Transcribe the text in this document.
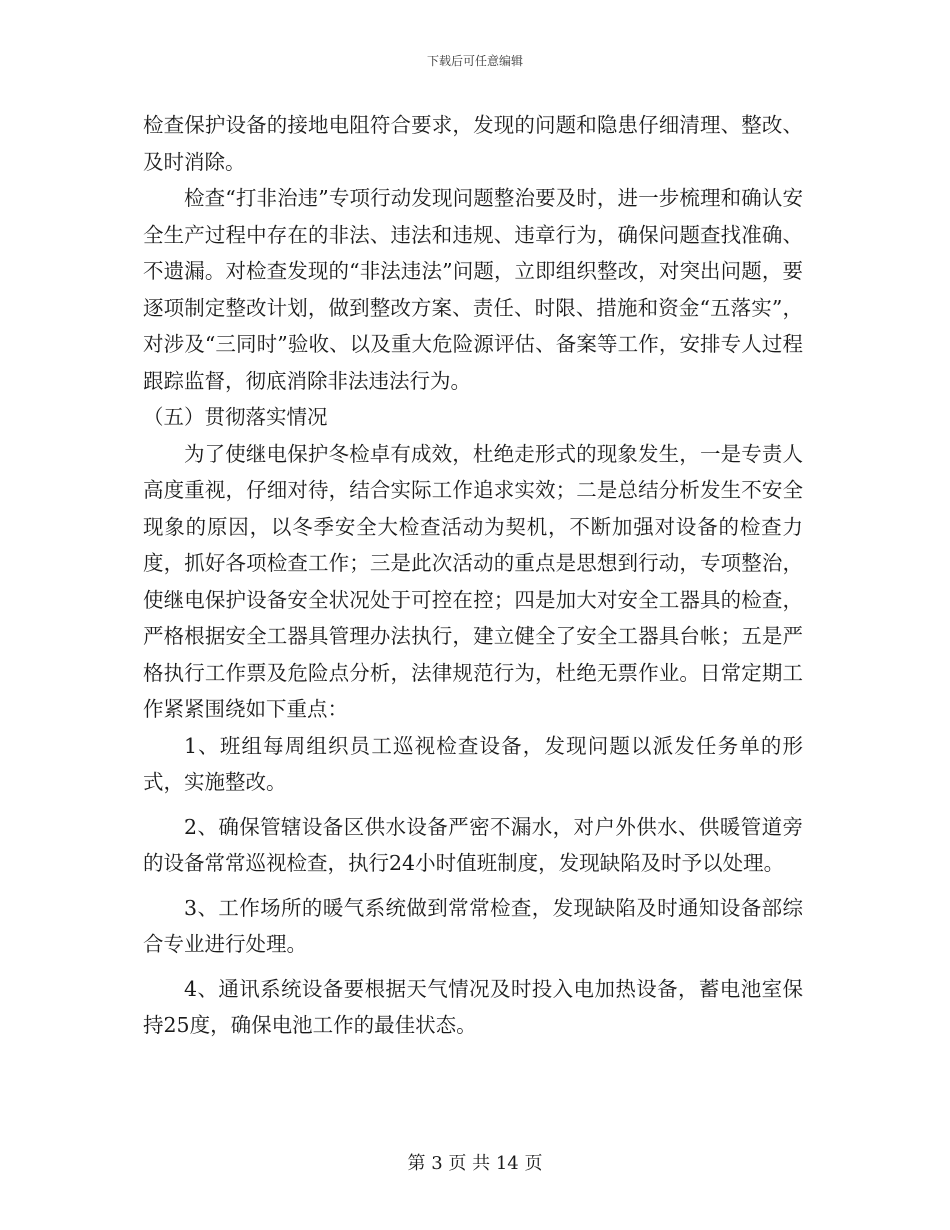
下载后可任意编辑

检查保护设备的接地电阻符合要求，发现的问题和隐患仔细清理、整改、及时消除。

检查“打非治违”专项行动发现问题整治要及时，进一步梳理和确认安全生产过程中存在的非法、违法和违规、违章行为，确保问题查找准确、不遗漏。对检查发现的“非法违法”问题，立即组织整改，对突出问题，要逐项制定整改计划，做到整改方案、责任、时限、措施和资金“五落实”，对涉及“三同时”验收、以及重大危险源评估、备案等工作，安排专人过程跟踪监督，彻底消除非法违法行为。

（五）贯彻落实情况

为了使继电保护冬检卓有成效，杜绝走形式的现象发生，一是专责人高度重视，仔细对待，结合实际工作追求实效；二是总结分析发生不安全现象的原因，以冬季安全大检查活动为契机，不断加强对设备的检查力度，抓好各项检查工作；三是此次活动的重点是思想到行动，专项整治，使继电保护设备安全状况处于可控在控；四是加大对安全工器具的检查，严格根据安全工器具管理办法执行，建立健全了安全工器具台帐；五是严格执行工作票及危险点分析，法律规范行为，杜绝无票作业。日常定期工作紧紧围绕如下重点：

1、班组每周组织员工巡视检查设备，发现问题以派发任务单的形式，实施整改。

2、确保管辖设备区供水设备严密不漏水，对户外供水、供暖管道旁的设备常常巡视检查，执行24小时值班制度，发现缺陷及时予以处理。

3、工作场所的暖气系统做到常常检查，发现缺陷及时通知设备部综合专业进行处理。

4、通讯系统设备要根据天气情况及时投入电加热设备，蓄电池室保持25度，确保电池工作的最佳状态。

第 3 页 共 14 页
